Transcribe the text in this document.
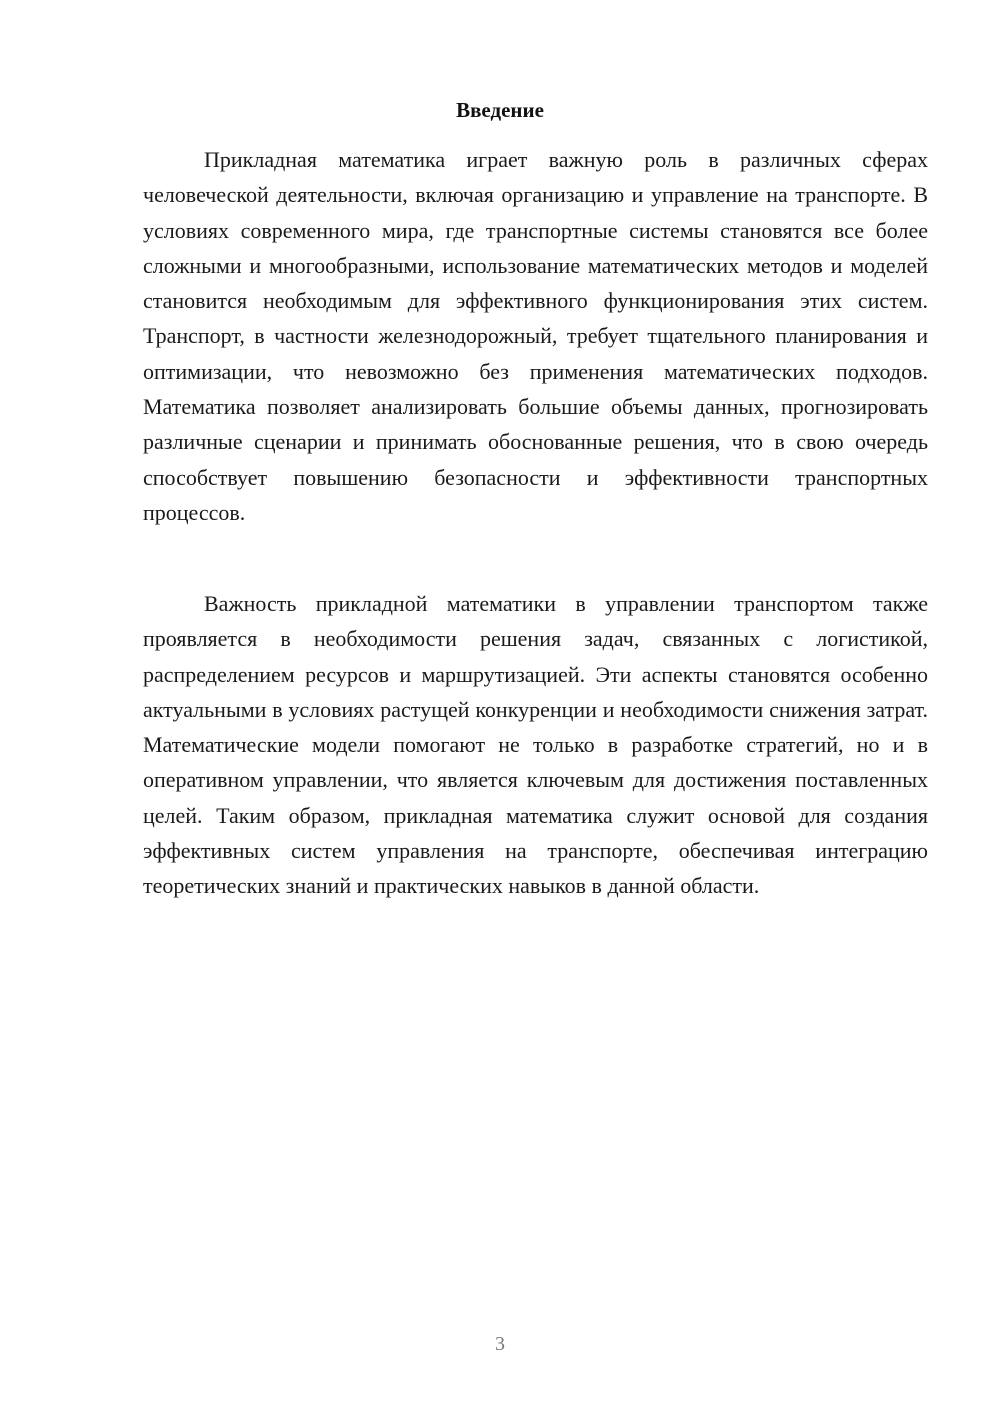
Введение

Прикладная математика играет важную роль в различных сферах человеческой деятельности, включая организацию и управление на транспорте. В условиях современного мира, где транспортные системы становятся все более сложными и многообразными, использование математических методов и моделей становится необходимым для эффективного функционирования этих систем. Транспорт, в частности железнодорожный, требует тщательного планирования и оптимизации, что невозможно без применения математических подходов. Математика позволяет анализировать большие объемы данных, прогнозировать различные сценарии и принимать обоснованные решения, что в свою очередь способствует повышению безопасности и эффективности транспортных процессов.

Важность прикладной математики в управлении транспортом также проявляется в необходимости решения задач, связанных с логистикой, распределением ресурсов и маршрутизацией. Эти аспекты становятся особенно актуальными в условиях растущей конкуренции и необходимости снижения затрат. Математические модели помогают не только в разработке стратегий, но и в оперативном управлении, что является ключевым для достижения поставленных целей. Таким образом, прикладная математика служит основой для создания эффективных систем управления на транспорте, обеспечивая интеграцию теоретических знаний и практических навыков в данной области.

3
